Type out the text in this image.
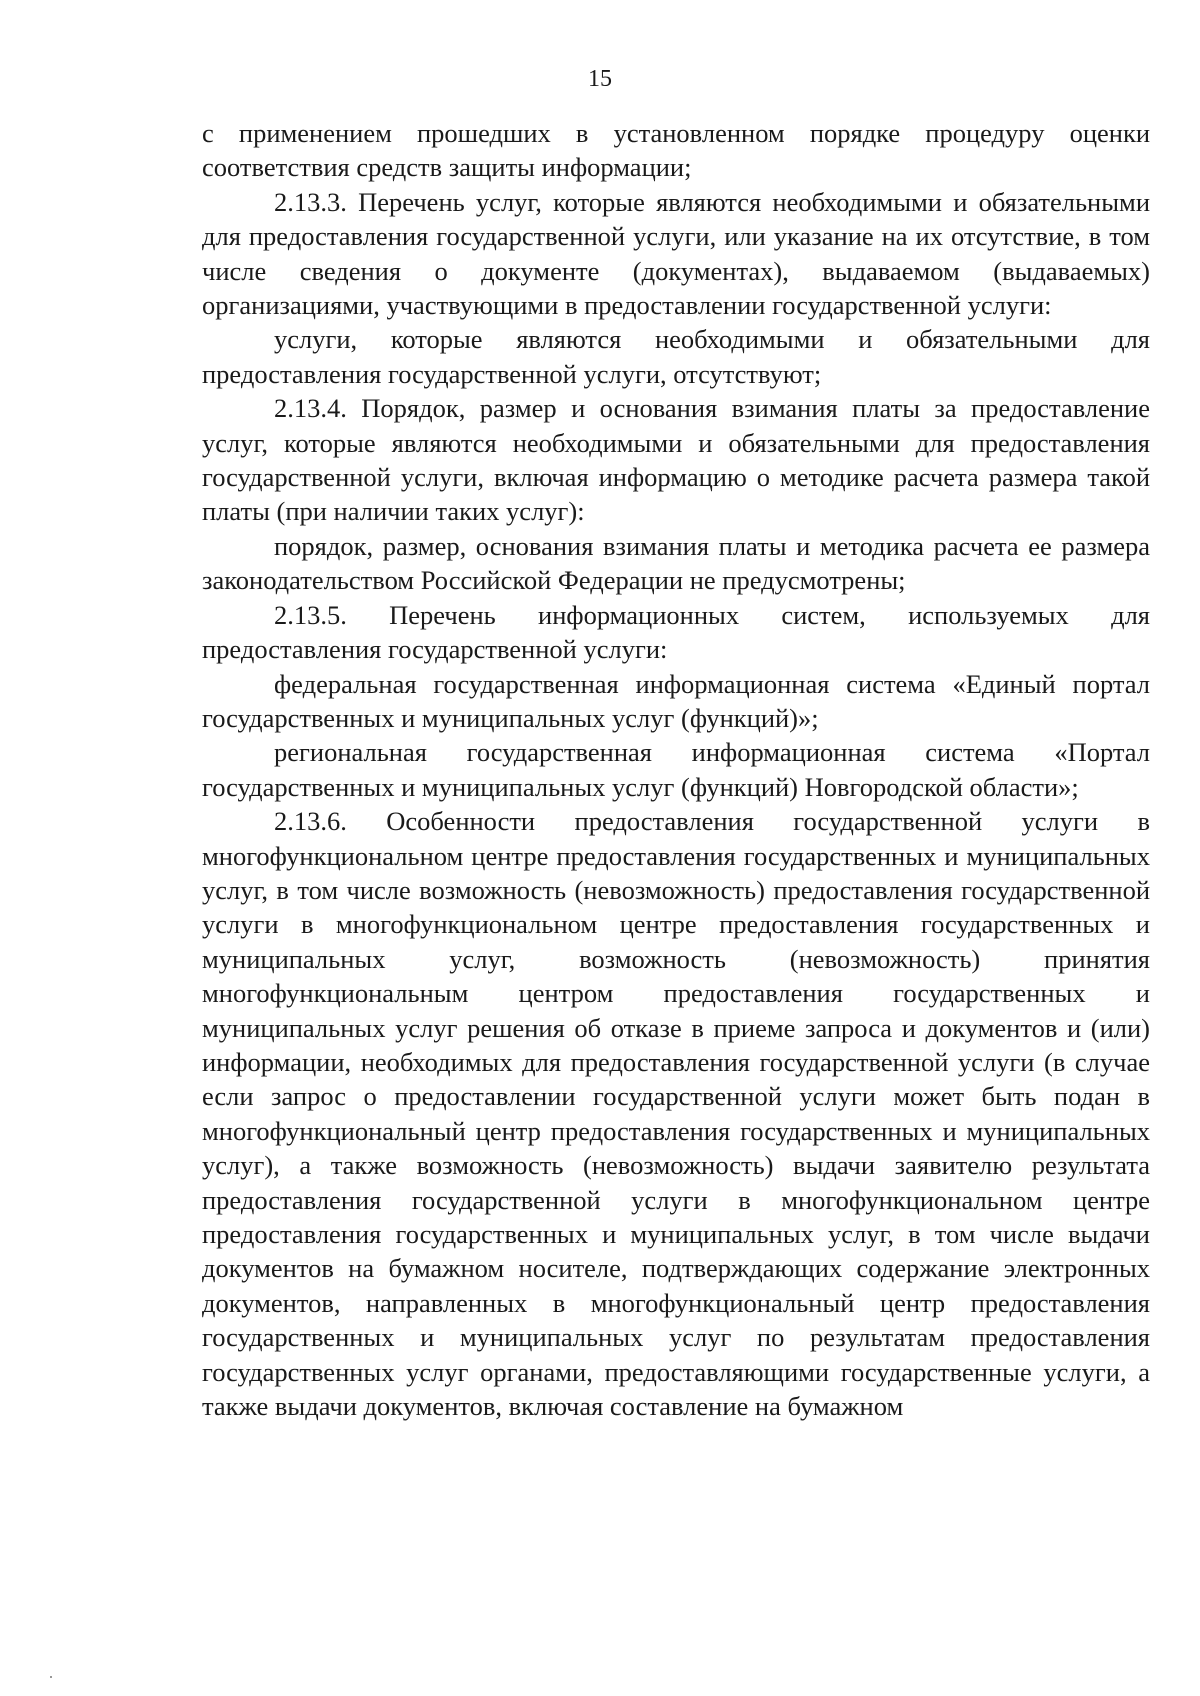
15

с применением прошедших в установленном порядке процедуру оценки соответствия средств защиты информации;

2.13.3. Перечень услуг, которые являются необходимыми и обязательными для предоставления государственной услуги, или указание на их отсутствие, в том числе сведения о документе (документах), выдаваемом (выдаваемых) организациями, участвующими в предоставлении государственной услуги:

услуги, которые являются необходимыми и обязательными для предоставления государственной услуги, отсутствуют;

2.13.4. Порядок, размер и основания взимания платы за предоставление услуг, которые являются необходимыми и обязательными для предоставления государственной услуги, включая информацию о методике расчета размера такой платы (при наличии таких услуг):

порядок, размер, основания взимания платы и методика расчета ее размера законодательством Российской Федерации не предусмотрены;

2.13.5. Перечень информационных систем, используемых для предоставления государственной услуги:

федеральная государственная информационная система «Единый портал государственных и муниципальных услуг (функций)»;

региональная государственная информационная система «Портал государственных и муниципальных услуг (функций) Новгородской области»;

2.13.6. Особенности предоставления государственной услуги в многофункциональном центре предоставления государственных и муниципальных услуг, в том числе возможность (невозможность) предоставления государственной услуги в многофункциональном центре предоставления государственных и муниципальных услуг, возможность (невозможность) принятия многофункциональным центром предоставления государственных и муниципальных услуг решения об отказе в приеме запроса и документов и (или) информации, необходимых для предоставления государственной услуги (в случае если запрос о предоставлении государственной услуги может быть подан в многофункциональный центр предоставления государственных и муниципальных услуг), а также возможность (невозможность) выдачи заявителю результата предоставления государственной услуги в многофункциональном центре предоставления государственных и муниципальных услуг, в том числе выдачи документов на бумажном носителе, подтверждающих содержание электронных документов, направленных в многофункциональный центр предоставления государственных и муниципальных услуг по результатам предоставления государственных услуг органами, предоставляющими государственные услуги, а также выдачи документов, включая составление на бумажном
